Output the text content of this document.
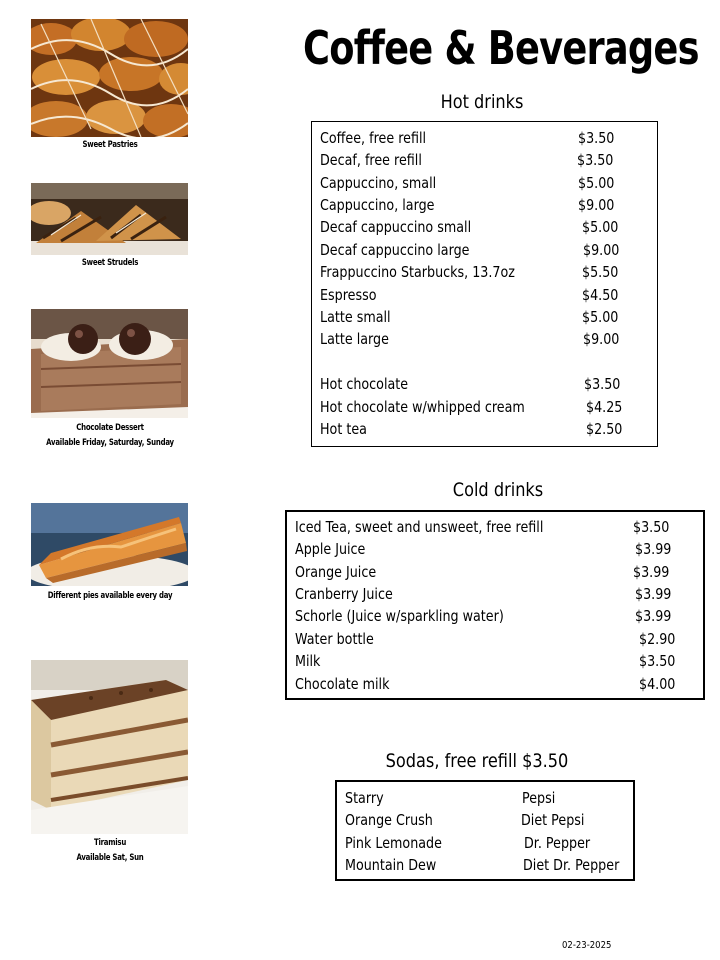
Sweet Pastries
Sweet Strudels
Chocolate Dessert
Available Friday, Saturday, Sunday
Different pies available every day
Tiramisu
Available Sat, Sun
Coffee & Beverages
Hot drinks
Coffee, free refill	$3.50
Decaf, free refill	$3.50
Cappuccino, small	$5.00
Cappuccino, large	$9.00
Decaf cappuccino small	$5.00
Decaf cappuccino large	$9.00
Frappuccino Starbucks, 13.7oz	$5.50
Espresso	$4.50
Latte small	$5.00
Latte large	$9.00
Hot chocolate	$3.50
Hot chocolate w/whipped cream	$4.25
Hot tea	$2.50
Cold drinks
Iced Tea, sweet and unsweet, free refill	$3.50
Apple Juice	$3.99
Orange Juice	$3.99
Cranberry Juice	$3.99
Schorle (Juice w/sparkling water)	$3.99
Water bottle	$2.90
Milk	$3.50
Chocolate milk	$4.00
Sodas, free refill $3.50
Starry	Pepsi
Orange Crush	Diet Pepsi
Pink Lemonade	Dr. Pepper
Mountain Dew	Diet Dr. Pepper
02-23-2025
